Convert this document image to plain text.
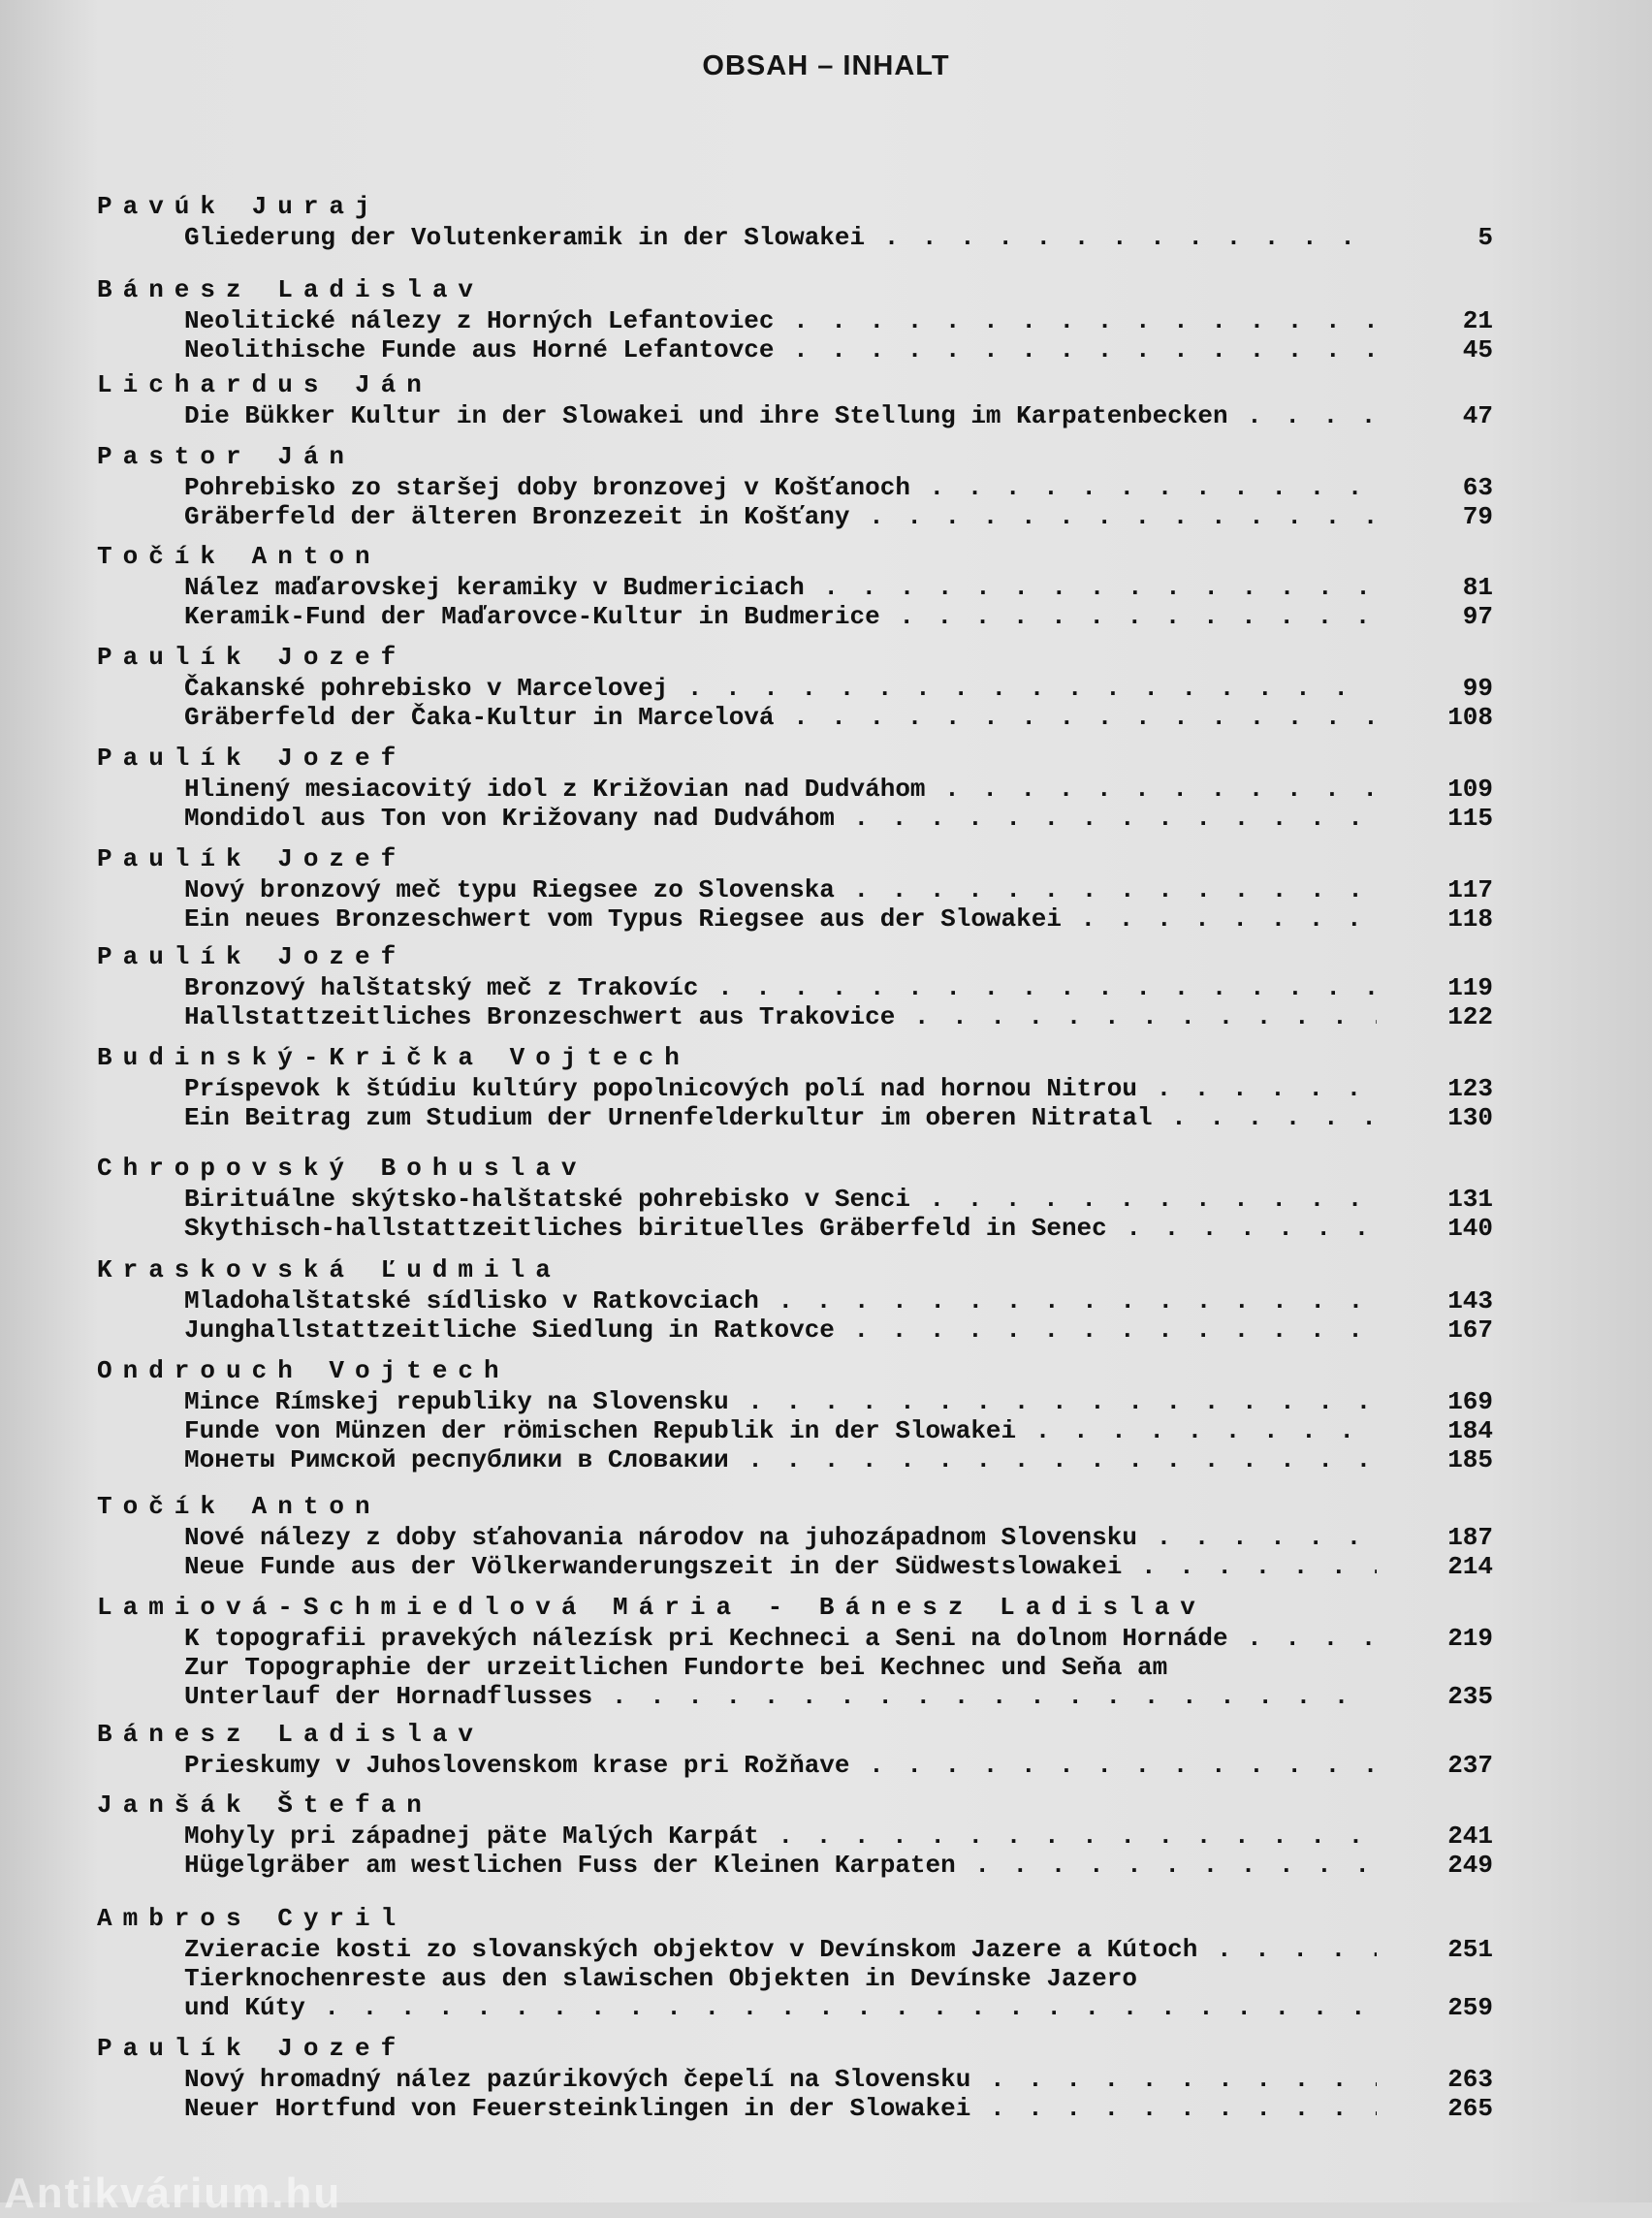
OBSAH – INHALT
Pavúk Juraj
Gliederung der Volutenkeramik in der Slowakei . . .	5
Bánesz Ladislav
Neolitické nálezy z Horných Lefantoviec . . .	21
Neolithische Funde aus Horné Lefantovce . . .	45
Lichardus Ján
Die Bükker Kultur in der Slowakei und ihre Stellung im Karpatenbecken . . .	47
Pastor Ján
Pohrebisko zo staršej doby bronzovej v Košťanoch . . .	63
Gräberfeld der älteren Bronzezeit in Košťany . . .	79
Točík Anton
Nález maďarovskej keramiky v Budmericiach . . .	81
Keramik-Fund der Maďarovce-Kultur in Budmerice . . .	97
Paulík Jozef
Čakanské pohrebisko v Marcelovej . . .	99
Gräberfeld der Čaka-Kultur in Marcelová . . .	108
Paulík Jozef
Hlinený mesiacovitý idol z Križovian nad Dudváhom . . .	109
Mondidol aus Ton von Križovany nad Dudváhom . . .	115
Paulík Jozef
Nový bronzový meč typu Riegsee zo Slovenska . . .	117
Ein neues Bronzeschwert vom Typus Riegsee aus der Slowakei . . .	118
Paulík Jozef
Bronzový halštatský meč z Trakovíc . . .	119
Hallstattzeitliches Bronzeschwert aus Trakovice . . .	122
Budinský-Krička Vojtech
Príspevok k štúdiu kultúry popolnicových polí nad hornou Nitrou . . .	123
Ein Beitrag zum Studium der Urnenfelderkultur im oberen Nitratal . . .	130
Chropovský Bohuslav
Birituálne skýtsko-halštatské pohrebisko v Senci . . .	131
Skythisch-hallstattzeitliches birituelles Gräberfeld in Senec . . .	140
Kraskovská Ľudmila
Mladohalštatské sídlisko v Ratkovciach . . .	143
Junghallstattzeitliche Siedlung in Ratkovce . . .	167
Ondrouch Vojtech
Mince Rímskej republiky na Slovensku . . .	169
Funde von Münzen der römischen Republik in der Slowakei . . .	184
Монеты Римской республики в Словакии . . .	185
Točík Anton
Nové nálezy z doby sťahovania národov na juhozápadnom Slovensku . . .	187
Neue Funde aus der Völkerwanderungszeit in der Südwestslowakei . . .	214
Lamiová-Schmiedlová Mária - Bánesz Ladislav
K topografii pravekých nálezísk pri Kechneci a Seni na dolnom Hornáde . . .	219
Zur Topographie der urzeitlichen Fundorte bei Kechnec und Seňa am
Unterlauf der Hornadflusses . . .	235
Bánesz Ladislav
Prieskumy v Juhoslovenskom krase pri Rožňave . . .	237
Janšák Štefan
Mohyly pri západnej päte Malých Karpát . . .	241
Hügelgräber am westlichen Fuss der Kleinen Karpaten . . .	249
Ambros Cyril
Zvieracie kosti zo slovanských objektov v Devínskom Jazere a Kútoch . . .	251
Tierknochenreste aus den slawischen Objekten in Devínske Jazero
und Kúty . . .	259
Paulík Jozef
Nový hromadný nález pazúrikových čepelí na Slovensku . . .	263
Neuer Hortfund von Feuersteinklingen in der Slowakei . . .	265
Antikvárium.hu
